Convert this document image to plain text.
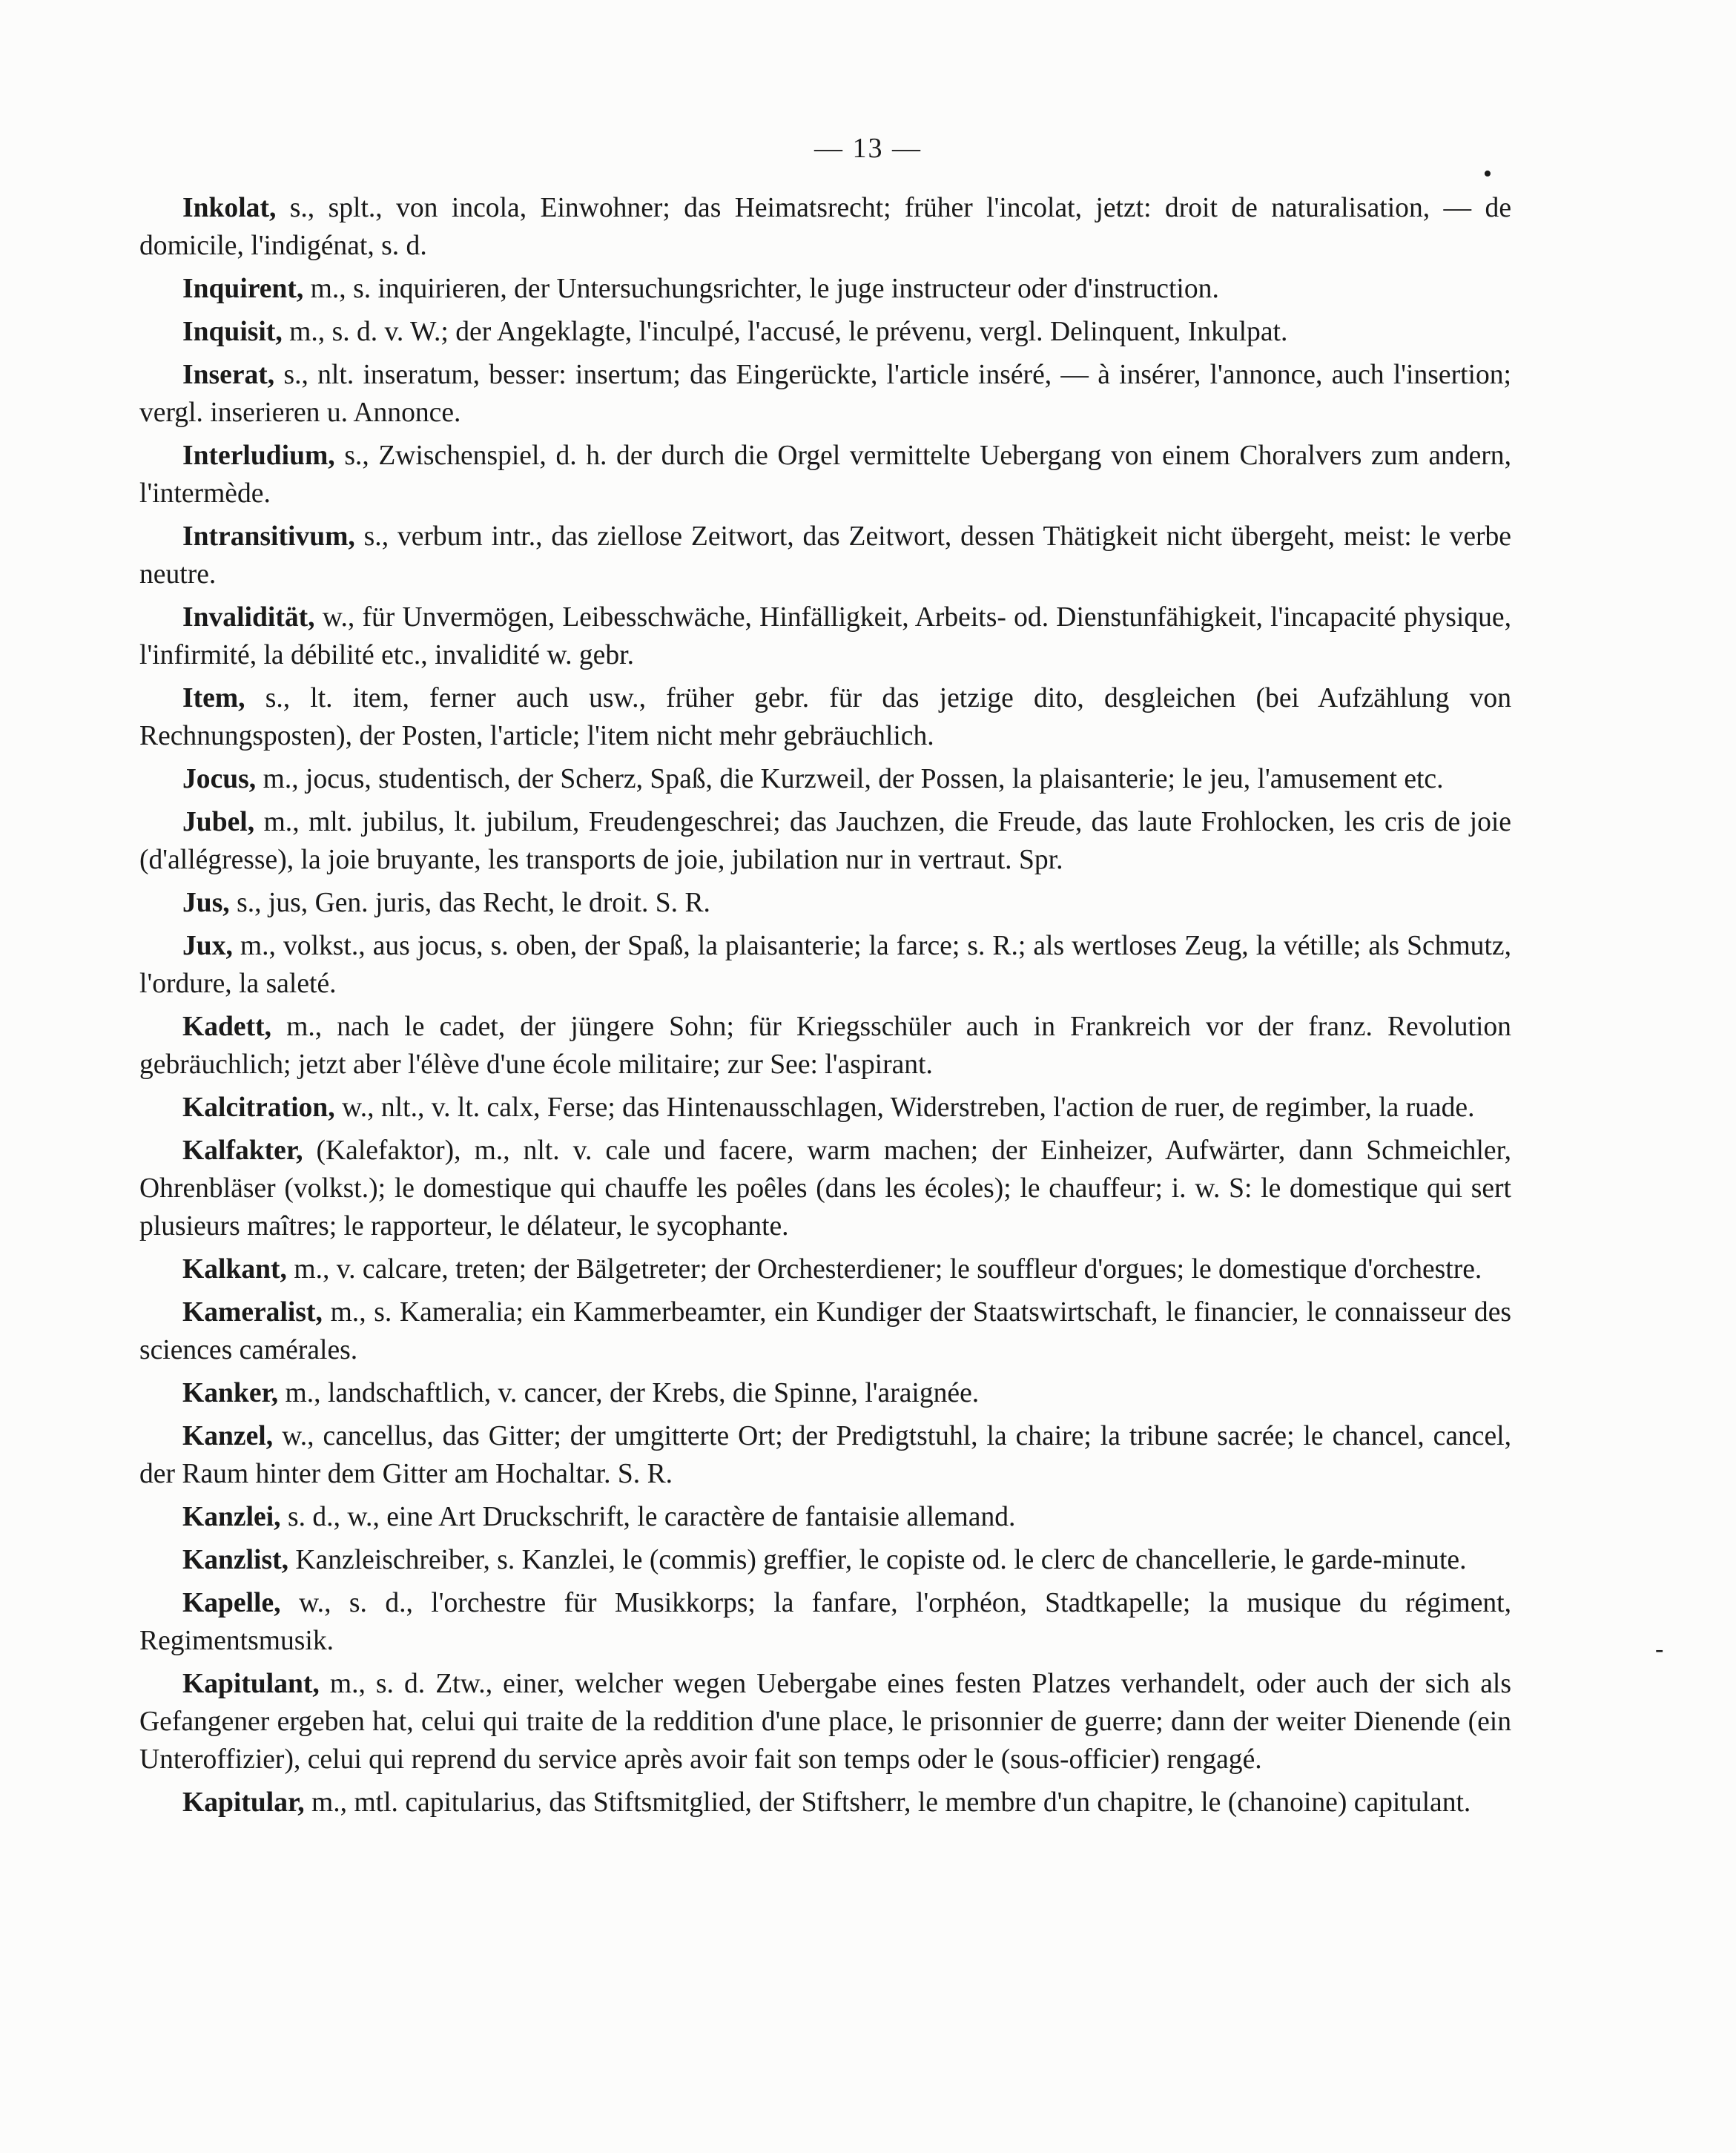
— 13 —
•
-

Inkolat, s., splt., von incola, Einwohner; das Heimatsrecht; früher l'incolat, jetzt: droit de naturalisation, — de domicile, l'indigénat, s. d.

Inquirent, m., s. inquirieren, der Untersuchungsrichter, le juge instructeur oder d'instruction.

Inquisit, m., s. d. v. W.; der Angeklagte, l'inculpé, l'accusé, le prévenu, vergl. Delinquent, Inkulpat.

Inserat, s., nlt. inseratum, besser: insertum; das Eingerückte, l'article inséré, — à insérer, l'annonce, auch l'insertion; vergl. inserieren u. Annonce.

Interludium, s., Zwischenspiel, d. h. der durch die Orgel vermittelte Uebergang von einem Choralvers zum andern, l'intermède.

Intransitivum, s., verbum intr., das ziellose Zeitwort, das Zeitwort, dessen Thätigkeit nicht übergeht, meist: le verbe neutre.

Invalidität, w., für Unvermögen, Leibesschwäche, Hinfälligkeit, Arbeits- od. Dienstunfähigkeit, l'incapacité physique, l'infirmité, la débilité etc., invalidité w. gebr.

Item, s., lt. item, ferner auch usw., früher gebr. für das jetzige dito, desgleichen (bei Aufzählung von Rechnungsposten), der Posten, l'article; l'item nicht mehr gebräuchlich.

Jocus, m., jocus, studentisch, der Scherz, Spaß, die Kurzweil, der Possen, la plaisanterie; le jeu, l'amusement etc.

Jubel, m., mlt. jubilus, lt. jubilum, Freudengeschrei; das Jauchzen, die Freude, das laute Frohlocken, les cris de joie (d'allégresse), la joie bruyante, les transports de joie, jubilation nur in vertraut. Spr.

Jus, s., jus, Gen. juris, das Recht, le droit. S. R.

Jux, m., volkst., aus jocus, s. oben, der Spaß, la plaisanterie; la farce; s. R.; als wertloses Zeug, la vétille; als Schmutz, l'ordure, la saleté.

Kadett, m., nach le cadet, der jüngere Sohn; für Kriegsschüler auch in Frankreich vor der franz. Revolution gebräuchlich; jetzt aber l'élève d'une école militaire; zur See: l'aspirant.

Kalcitration, w., nlt., v. lt. calx, Ferse; das Hintenausschlagen, Widerstreben, l'action de ruer, de regimber, la ruade.

Kalfakter, (Kalefaktor), m., nlt. v. cale und facere, warm machen; der Einheizer, Aufwärter, dann Schmeichler, Ohrenbläser (volkst.); le domestique qui chauffe les poêles (dans les écoles); le chauffeur; i. w. S: le domestique qui sert plusieurs maîtres; le rapporteur, le délateur, le sycophante.

Kalkant, m., v. calcare, treten; der Bälgetreter; der Orchesterdiener; le souffleur d'orgues; le domestique d'orchestre.

Kameralist, m., s. Kameralia; ein Kammerbeamter, ein Kundiger der Staatswirtschaft, le financier, le connaisseur des sciences camérales.

Kanker, m., landschaftlich, v. cancer, der Krebs, die Spinne, l'araignée.

Kanzel, w., cancellus, das Gitter; der umgitterte Ort; der Predigtstuhl, la chaire; la tribune sacrée; le chancel, cancel, der Raum hinter dem Gitter am Hochaltar. S. R.

Kanzlei, s. d., w., eine Art Druckschrift, le caractère de fantaisie allemand.

Kanzlist, Kanzleischreiber, s. Kanzlei, le (commis) greffier, le copiste od. le clerc de chancellerie, le garde-minute.

Kapelle, w., s. d., l'orchestre für Musikkorps; la fanfare, l'orphéon, Stadtkapelle; la musique du régiment, Regimentsmusik.

Kapitulant, m., s. d. Ztw., einer, welcher wegen Uebergabe eines festen Platzes verhandelt, oder auch der sich als Gefangener ergeben hat, celui qui traite de la reddition d'une place, le prisonnier de guerre; dann der weiter Dienende (ein Unteroffizier), celui qui reprend du service après avoir fait son temps oder le (sous-officier) rengagé.

Kapitular, m., mtl. capitularius, das Stiftsmitglied, der Stiftsherr, le membre d'un chapitre, le (chanoine) capitulant.
